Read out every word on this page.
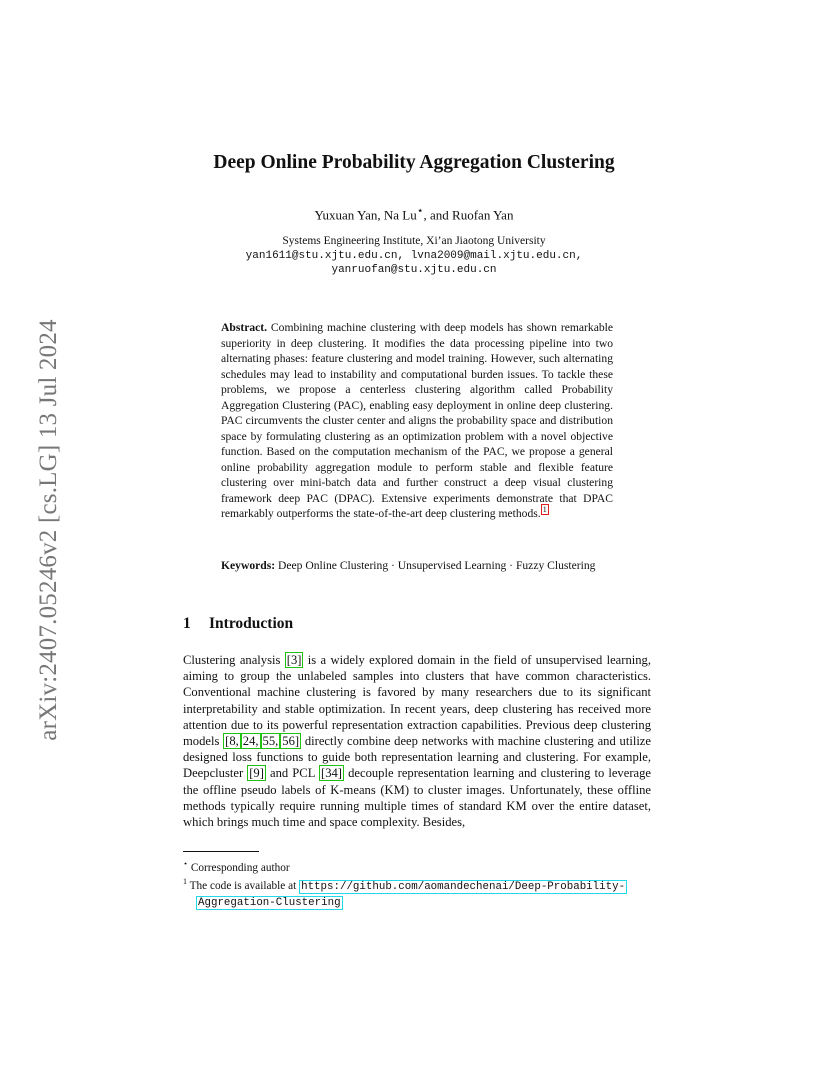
arXiv:2407.05246v2 [cs.LG] 13 Jul 2024
Deep Online Probability Aggregation Clustering
Yuxuan Yan, Na Lu⋆, and Ruofan Yan
Systems Engineering Institute, Xi’an Jiaotong University
yan1611@stu.xjtu.edu.cn, lvna2009@mail.xjtu.edu.cn,
yanruofan@stu.xjtu.edu.cn
Abstract. Combining machine clustering with deep models has shown remarkable superiority in deep clustering. It modifies the data processing pipeline into two alternating phases: feature clustering and model training. However, such alternating schedules may lead to instability and computational burden issues. To tackle these problems, we propose a centerless clustering algorithm called Probability Aggregation Clustering (PAC), enabling easy deployment in online deep clustering. PAC circumvents the cluster center and aligns the probability space and distribution space by formulating clustering as an optimization problem with a novel objective function. Based on the computation mechanism of the PAC, we propose a general online probability aggregation module to perform stable and flexible feature clustering over mini-batch data and further construct a deep visual clustering framework deep PAC (DPAC). Extensive experiments demonstrate that DPAC remarkably outperforms the state-of-the-art deep clustering methods. $^1$
Keywords: Deep Online Clustering · Unsupervised Learning · Fuzzy Clustering
1 Introduction
Clustering analysis [3] is a widely explored domain in the field of unsupervised learning, aiming to group the unlabeled samples into clusters that have common characteristics. Conventional machine clustering is favored by many researchers due to its significant interpretability and stable optimization. In recent years, deep clustering has received more attention due to its powerful representation extraction capabilities. Previous deep clustering models [8, 24, 55, 56] directly combine deep networks with machine clustering and utilize designed loss functions to guide both representation learning and clustering. For example, Deepcluster [9] and PCL [34] decouple representation learning and clustering to leverage the offline pseudo labels of K-means (KM) to cluster images. Unfortunately, these offline methods typically require running multiple times of standard KM over the entire dataset, which brings much time and space complexity. Besides,
⋆ Corresponding author
$^1$ The code is available at https://github.com/aomandechenai/Deep-Probability-
Aggregation-Clustering
